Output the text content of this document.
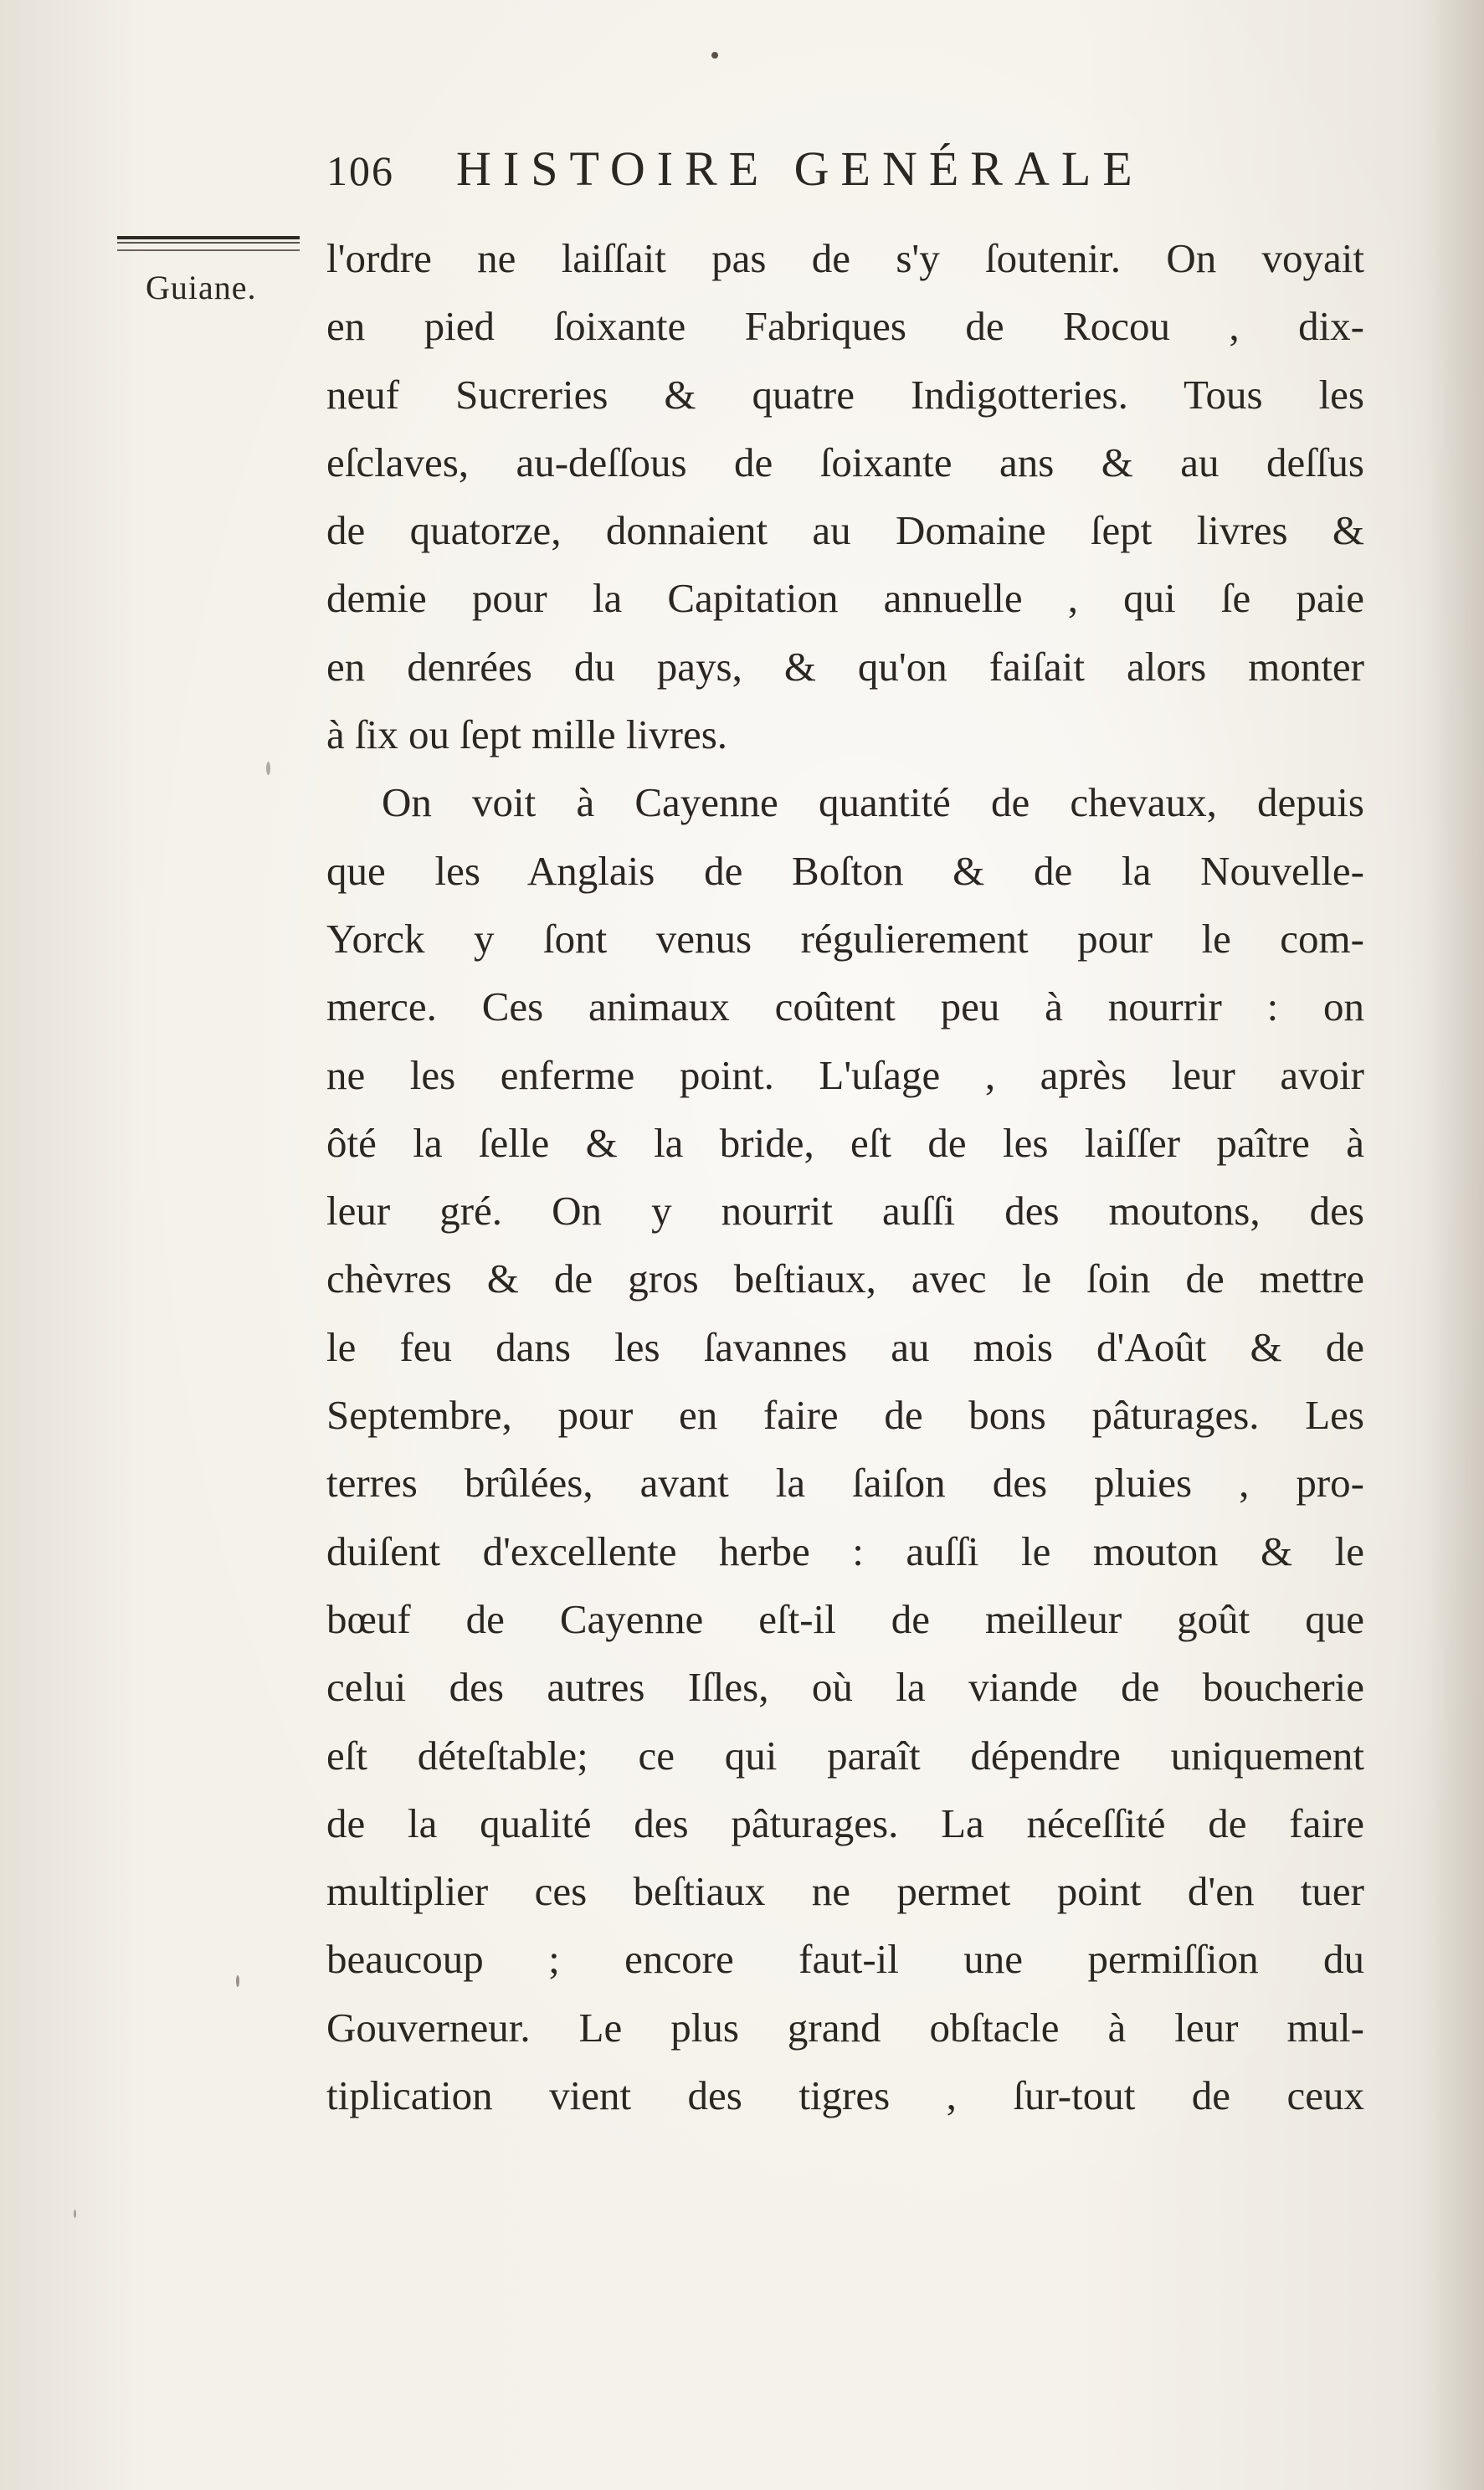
106	HISTOIRE GENÉRALE
Guiane.
l'ordre ne laiſſait pas de s'y ſoutenir. On voyait
en pied ſoixante Fabriques de Rocou , dix-
neuf Sucreries & quatre Indigotteries. Tous les
eſclaves, au-deſſous de ſoixante ans & au deſſus
de quatorze, donnaient au Domaine ſept livres &
demie pour la Capitation annuelle , qui ſe paie
en denrées du pays, & qu'on faiſait alors monter
à ſix ou ſept mille livres.
On voit à Cayenne quantité de chevaux, depuis
que les Anglais de Boſton & de la Nouvelle-
Yorck y ſont venus régulierement pour le com-
merce. Ces animaux coûtent peu à nourrir : on
ne les enferme point. L'uſage , après leur avoir
ôté la ſelle & la bride, eſt de les laiſſer paître à
leur gré. On y nourrit auſſi des moutons, des
chèvres & de gros beſtiaux, avec le ſoin de mettre
le feu dans les ſavannes au mois d'Août & de
Septembre, pour en faire de bons pâturages. Les
terres brûlées, avant la ſaiſon des pluies , pro-
duiſent d'excellente herbe : auſſi le mouton & le
bœuf de Cayenne eſt-il de meilleur goût que
celui des autres Iſles, où la viande de boucherie
eſt déteſtable; ce qui paraît dépendre uniquement
de la qualité des pâturages. La néceſſité de faire
multiplier ces beſtiaux ne permet point d'en tuer
beaucoup ; encore faut-il une permiſſion du
Gouverneur. Le plus grand obſtacle à leur mul-
tiplication vient des tigres , ſur-tout de ceux
